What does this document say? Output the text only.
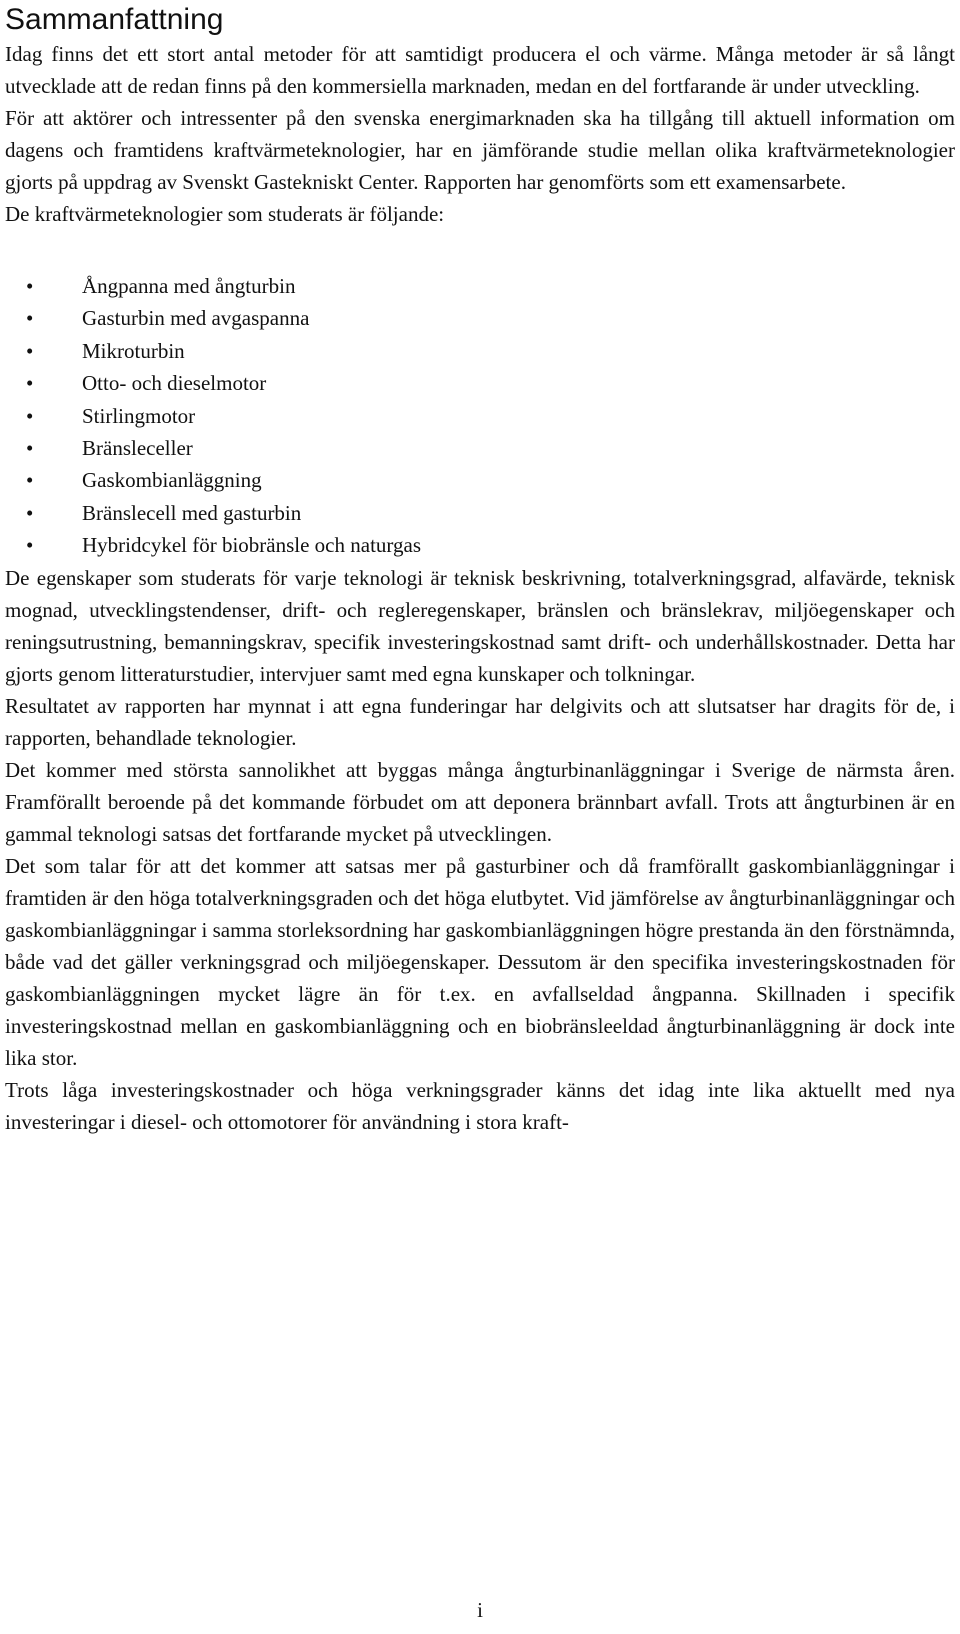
Sammanfattning

Idag finns det ett stort antal metoder för att samtidigt producera el och värme. Många metoder är så långt utvecklade att de redan finns på den kommersiella marknaden, medan en del fortfarande är under utveckling.

För att aktörer och intressenter på den svenska energimarknaden ska ha tillgång till aktuell information om dagens och framtidens kraftvärmeteknologier, har en jämförande studie mellan olika kraftvärmeteknologier gjorts på uppdrag av Svenskt Gastekniskt Center. Rapporten har genomförts som ett examensarbete.

De kraftvärmeteknologier som studerats är följande:

• Ångpanna med ångturbin
• Gasturbin med avgaspanna
• Mikroturbin
• Otto- och dieselmotor
• Stirlingmotor
• Bränsleceller
• Gaskombianläggning
• Bränslecell med gasturbin
• Hybridcykel för biobränsle och naturgas

De egenskaper som studerats för varje teknologi är teknisk beskrivning, totalverkningsgrad, alfavärde, teknisk mognad, utvecklingstendenser, drift- och regleregenskaper, bränslen och bränslekrav, miljöegenskaper och reningsutrustning, bemanningskrav, specifik investeringskostnad samt drift- och underhållskostnader. Detta har gjorts genom litteraturstudier, intervjuer samt med egna kunskaper och tolkningar.

Resultatet av rapporten har mynnat i att egna funderingar har delgivits och att slutsatser har dragits för de, i rapporten, behandlade teknologier.

Det kommer med största sannolikhet att byggas många ångturbinanläggningar i Sverige de närmsta åren. Framförallt beroende på det kommande förbudet om att deponera brännbart avfall. Trots att ångturbinen är en gammal teknologi satsas det fortfarande mycket på utvecklingen.

Det som talar för att det kommer att satsas mer på gasturbiner och då framförallt gaskombianläggningar i framtiden är den höga totalverkningsgraden och det höga elutbytet. Vid jämförelse av ångturbinanläggningar och gaskombianläggningar i samma storleksordning har gaskombianläggningen högre prestanda än den förstnämnda, både vad det gäller verkningsgrad och miljöegenskaper. Dessutom är den specifika investeringskostnaden för gaskombianläggningen mycket lägre än för t.ex. en avfallseldad ångpanna. Skillnaden i specifik investeringskostnad mellan en gaskombianläggning och en biobränsleeldad ångturbinanläggning är dock inte lika stor.

Trots låga investeringskostnader och höga verkningsgrader känns det idag inte lika aktuellt med nya investeringar i diesel- och ottomotorer för användning i stora kraft-

i
